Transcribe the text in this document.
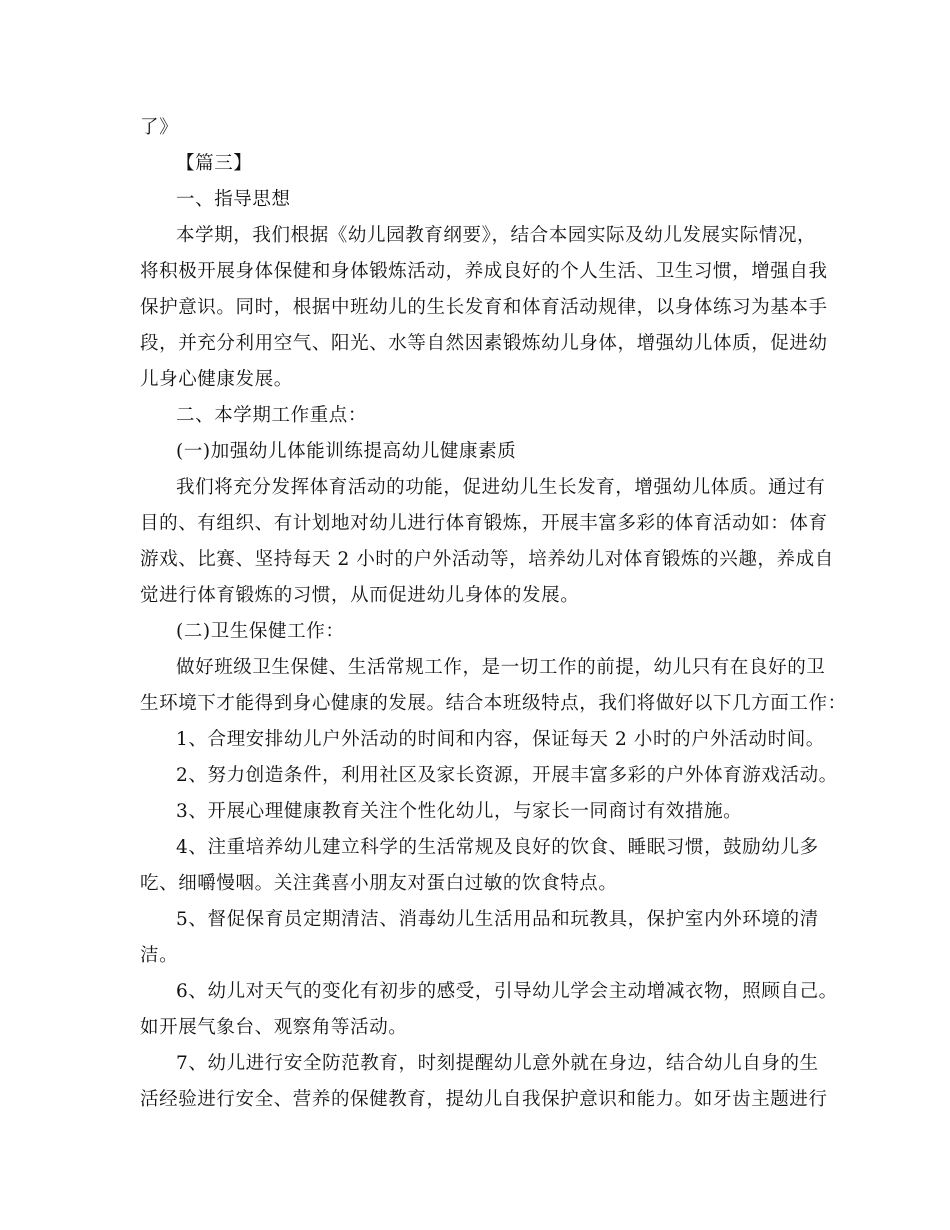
了》
【篇三】
一、指导思想
本学期，我们根据《幼儿园教育纲要》，结合本园实际及幼儿发展实际情况，
将积极开展身体保健和身体锻炼活动，养成良好的个人生活、卫生习惯，增强自我
保护意识。同时，根据中班幼儿的生长发育和体育活动规律，以身体练习为基本手
段，并充分利用空气、阳光、水等自然因素锻炼幼儿身体，增强幼儿体质，促进幼
儿身心健康发展。
二、本学期工作重点：
(一)加强幼儿体能训练提高幼儿健康素质
我们将充分发挥体育活动的功能，促进幼儿生长发育，增强幼儿体质。通过有
目的、有组织、有计划地对幼儿进行体育锻炼，开展丰富多彩的体育活动如：体育
游戏、比赛、坚持每天 2 小时的户外活动等，培养幼儿对体育锻炼的兴趣，养成自
觉进行体育锻炼的习惯，从而促进幼儿身体的发展。
(二)卫生保健工作：
做好班级卫生保健、生活常规工作，是一切工作的前提，幼儿只有在良好的卫
生环境下才能得到身心健康的发展。结合本班级特点，我们将做好以下几方面工作：
1、合理安排幼儿户外活动的时间和内容，保证每天 2 小时的户外活动时间。
2、努力创造条件，利用社区及家长资源，开展丰富多彩的户外体育游戏活动。
3、开展心理健康教育关注个性化幼儿，与家长一同商讨有效措施。
4、注重培养幼儿建立科学的生活常规及良好的饮食、睡眠习惯，鼓励幼儿多
吃、细嚼慢咽。关注龚喜小朋友对蛋白过敏的饮食特点。
5、督促保育员定期清洁、消毒幼儿生活用品和玩教具，保护室内外环境的清
洁。
6、幼儿对天气的变化有初步的感受，引导幼儿学会主动增减衣物，照顾自己。
如开展气象台、观察角等活动。
7、幼儿进行安全防范教育，时刻提醒幼儿意外就在身边，结合幼儿自身的生
活经验进行安全、营养的保健教育，提幼儿自我保护意识和能力。如牙齿主题进行
